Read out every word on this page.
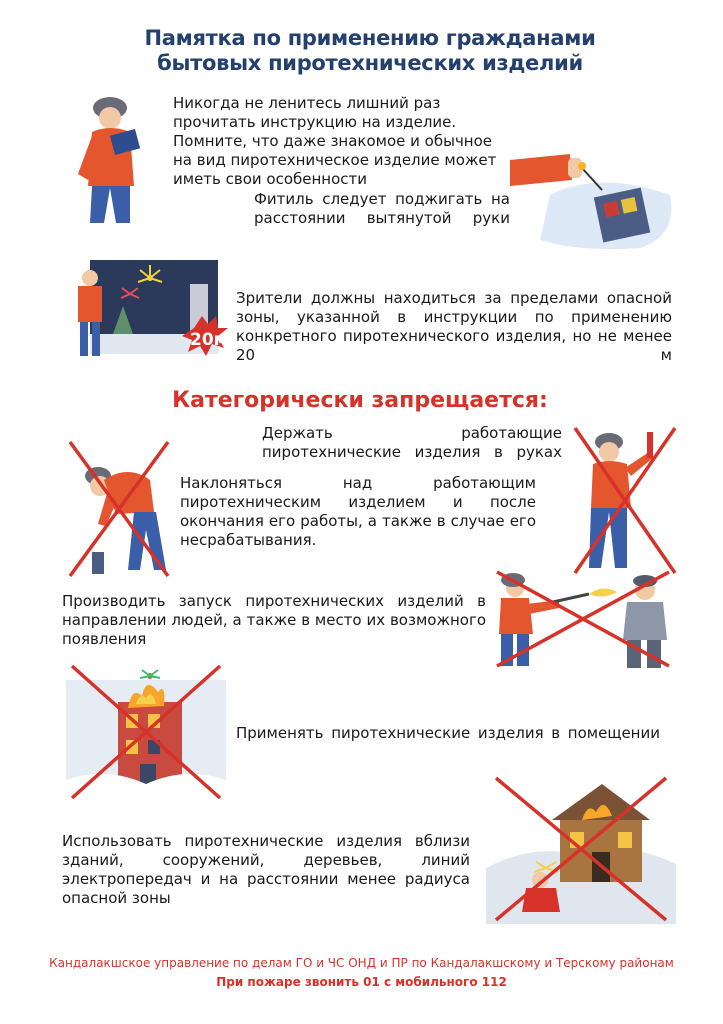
Памятка по применению гражданами
бытовых пиротехнических изделий
Никогда не ленитесь лишний раз прочитать инструкцию на изделие. Помните, что даже знакомое и обычное на вид пиротехническое изделие может иметь свои особенности
Фитиль следует поджигать на расстоянии вытянутой руки
20м
Зрители должны находиться за пределами опасной зоны, указанной в инструкции по применению конкретного пиротехнического изделия, но не менее 20 м
Категорически запрещается:
Держать работающие пиротехнические изделия в руках
Наклоняться над работающим пиротехническим изделием и после окончания его работы, а также в случае его несрабатывания.
Производить запуск пиротехнических изделий в направлении людей, а также в место их возможного появления
Применять пиротехнические изделия в помещении
Использовать пиротехнические изделия вблизи зданий, сооружений, деревьев, линий электропередач и на расстоянии менее радиуса опасной зоны
Кандалакшское управление по делам ГО и ЧС ОНД и ПР по Кандалакшскому и Терскому районам
При пожаре звонить 01 с мобильного 112
